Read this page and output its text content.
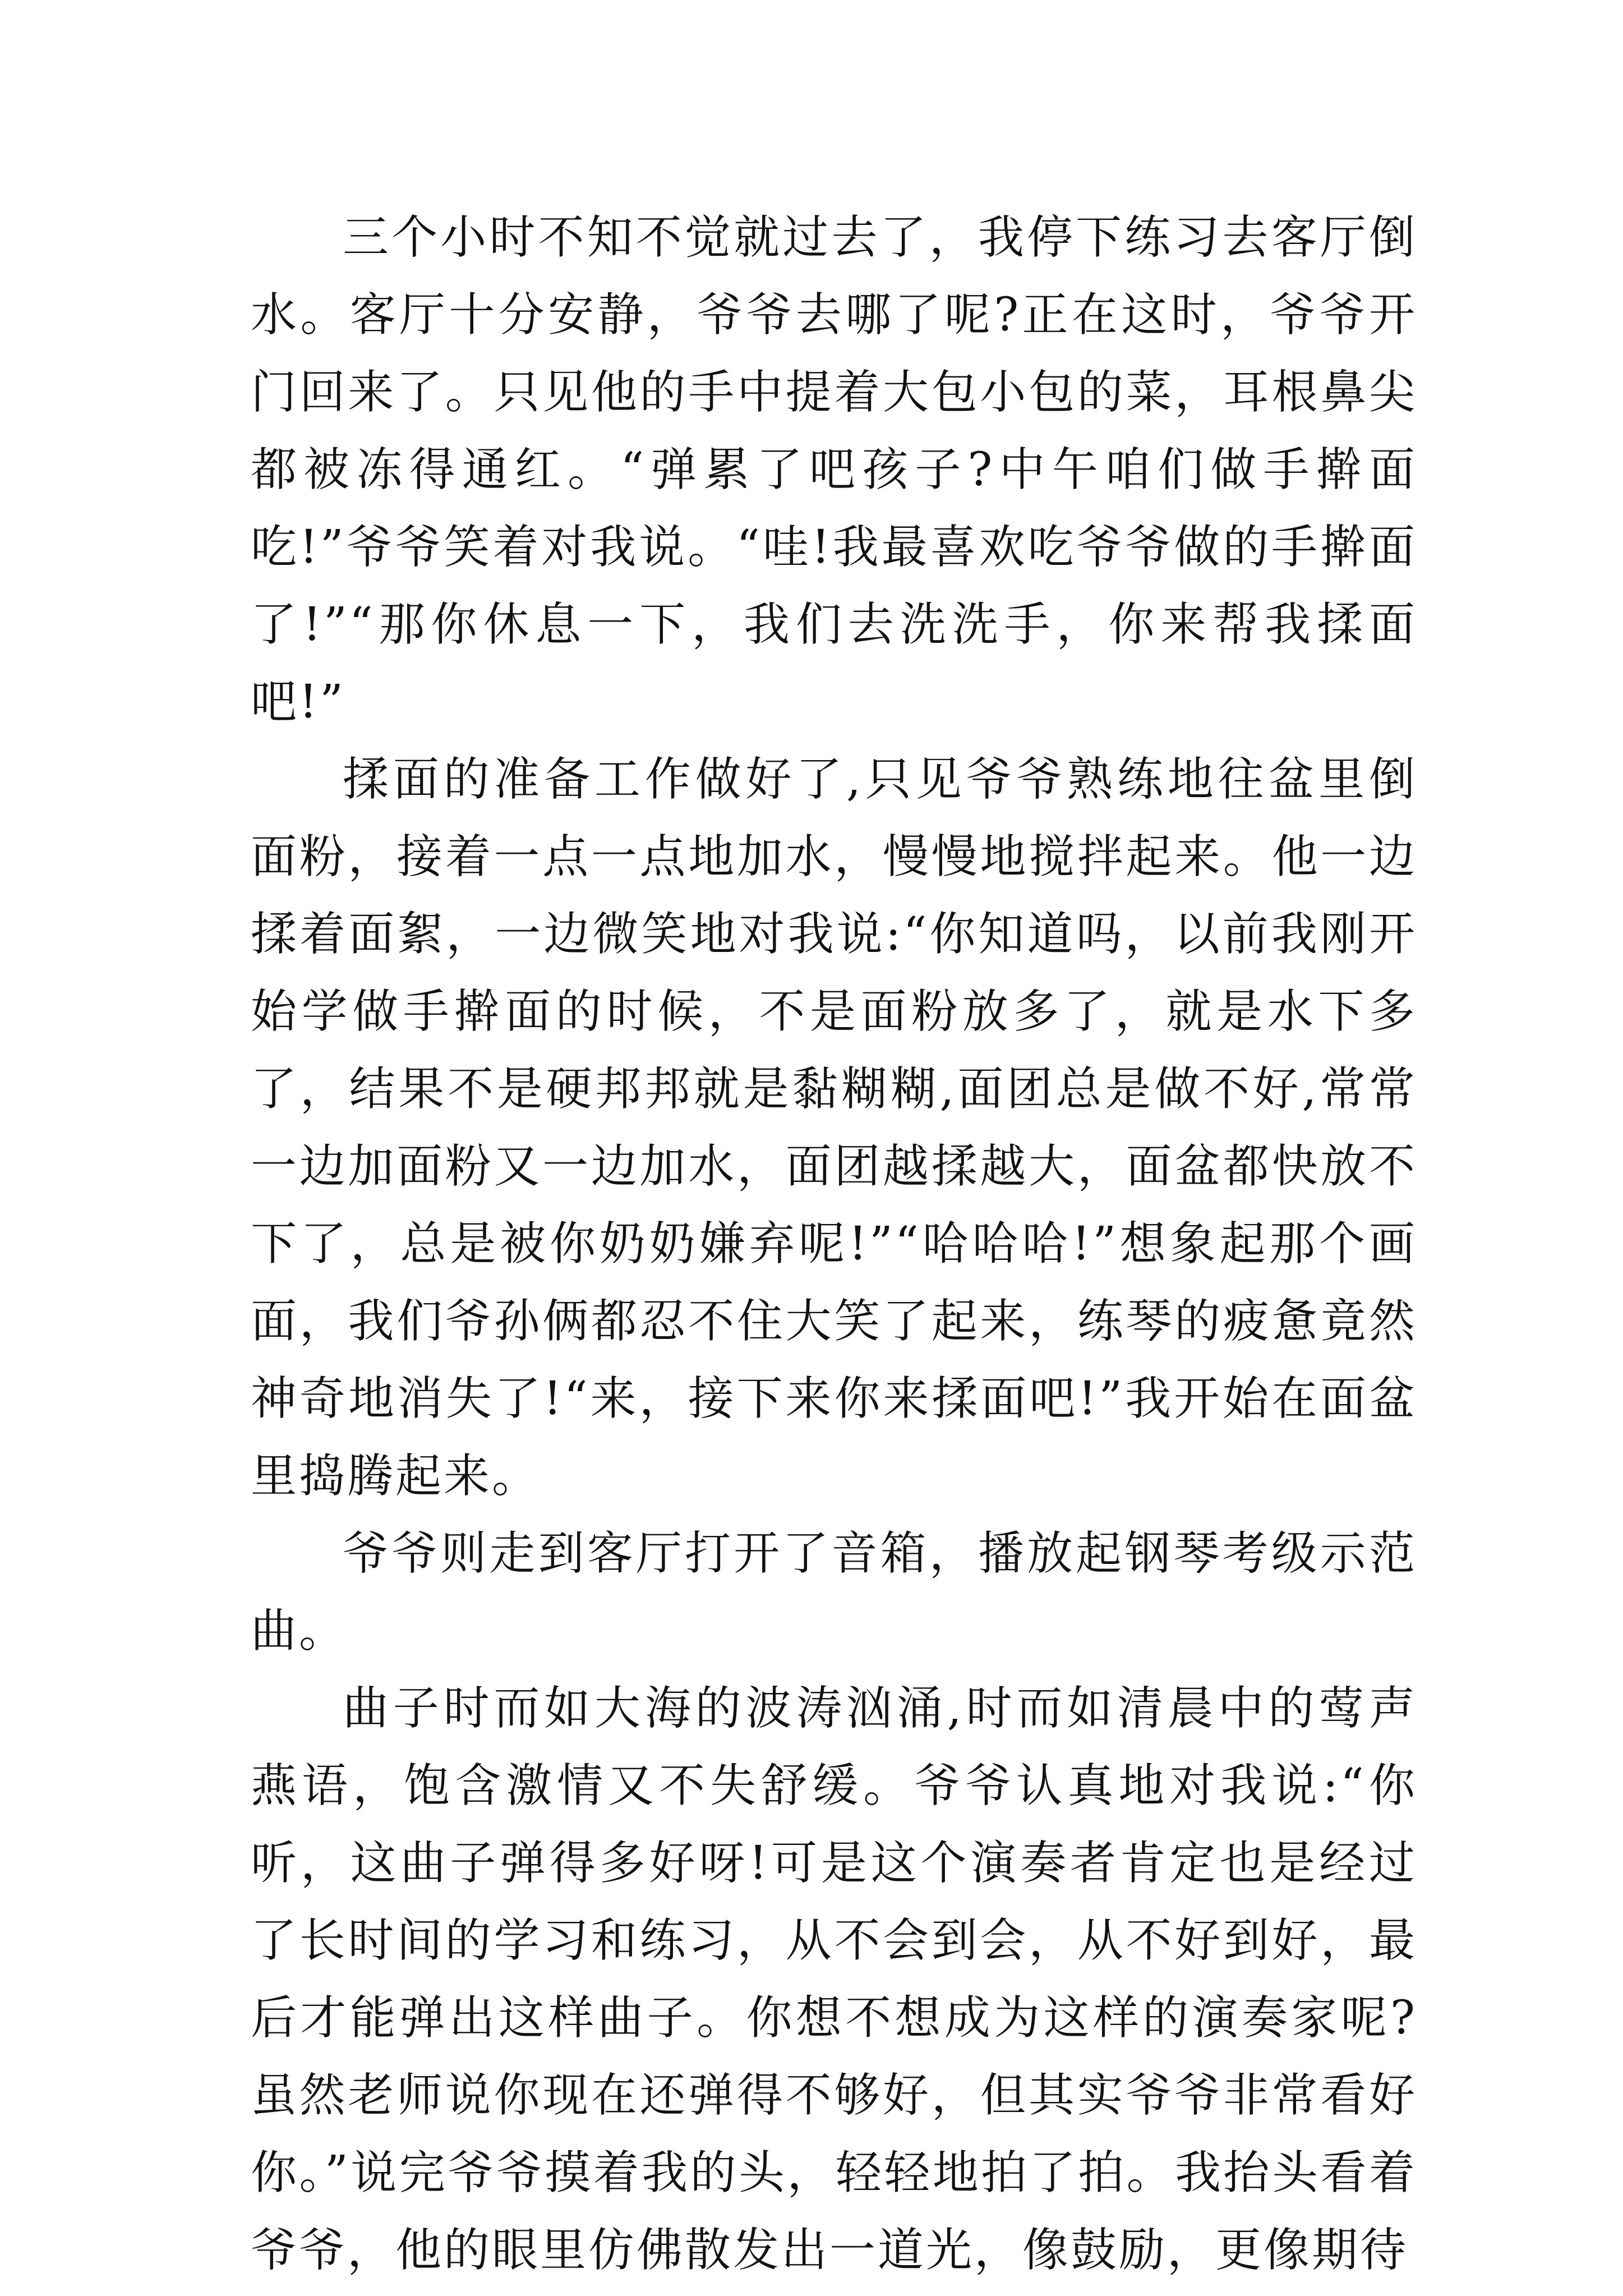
三个小时不知不觉就过去了，我停下练习去客厅倒水。客厅十分安静，爷爷去哪了呢?正在这时，爷爷开门回来了。只见他的手中提着大包小包的菜，耳根鼻尖都被冻得通红。“弹累了吧孩子?中午咱们做手擀面吃!”爷爷笑着对我说。“哇!我最喜欢吃爷爷做的手擀面了!”“那你休息一下，我们去洗洗手，你来帮我揉面吧!”

揉面的准备工作做好了,只见爷爷熟练地往盆里倒面粉，接着一点一点地加水，慢慢地搅拌起来。他一边揉着面絮，一边微笑地对我说:“你知道吗，以前我刚开始学做手擀面的时候，不是面粉放多了，就是水下多了，结果不是硬邦邦就是黏糊糊,面团总是做不好,常常一边加面粉又一边加水，面团越揉越大，面盆都快放不下了，总是被你奶奶嫌弃呢!”“哈哈哈!”想象起那个画面，我们爷孙俩都忍不住大笑了起来，练琴的疲惫竟然神奇地消失了!“来，接下来你来揉面吧!”我开始在面盆里捣腾起来。

爷爷则走到客厅打开了音箱，播放起钢琴考级示范曲。

曲子时而如大海的波涛汹涌,时而如清晨中的莺声燕语，饱含激情又不失舒缓。爷爷认真地对我说:“你听，这曲子弹得多好呀!可是这个演奏者肯定也是经过了长时间的学习和练习，从不会到会，从不好到好，最后才能弹出这样曲子。你想不想成为这样的演奏家呢?虽然老师说你现在还弹得不够好，但其实爷爷非常看好你。”说完爷爷摸着我的头，轻轻地拍了拍。我抬头看着爷爷，他的眼里仿佛散发出一道光，像鼓励，更像期待
